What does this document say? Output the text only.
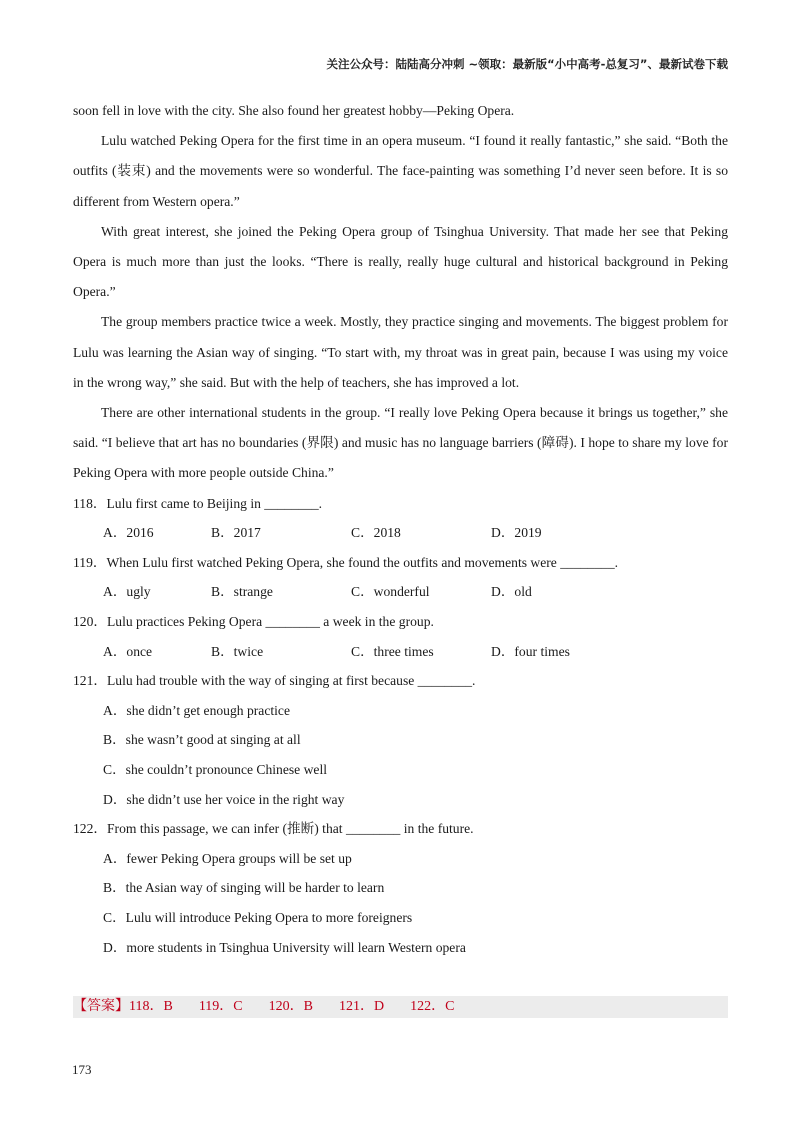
关注公众号：陆陆高分冲刺 ~领取：最新版“小中高考-总复习”、最新试卷下载

soon fell in love with the city. She also found her greatest hobby—Peking Opera.

Lulu watched Peking Opera for the first time in an opera museum. “I found it really fantastic,” she said. “Both the outfits (装束) and the movements were so wonderful. The face-painting was something I’d never seen before. It is so different from Western opera.”

With great interest, she joined the Peking Opera group of Tsinghua University. That made her see that Peking Opera is much more than just the looks. “There is really, really huge cultural and historical background in Peking Opera.”

The group members practice twice a week. Mostly, they practice singing and movements. The biggest problem for Lulu was learning the Asian way of singing. “To start with, my throat was in great pain, because I was using my voice in the wrong way,” she said. But with the help of teachers, she has improved a lot.

There are other international students in the group. “I really love Peking Opera because it brings us together,” she said. “I believe that art has no boundaries (界限) and music has no language barriers (障碍). I hope to share my love for Peking Opera with more people outside China.”

118．Lulu first came to Beijing in ________.

A．2016	B．2017	C．2018	D．2019

119．When Lulu first watched Peking Opera, she found the outfits and movements were ________.

A．ugly	B．strange	C．wonderful	D．old

120．Lulu practices Peking Opera ________ a week in the group.

A．once	B．twice	C．three times	D．four times

121．Lulu had trouble with the way of singing at first because ________.

A．she didn’t get enough practice
B．she wasn’t good at singing at all
C．she couldn’t pronounce Chinese well
D．she didn’t use her voice in the right way

122．From this passage, we can infer (推断) that ________ in the future.

A．fewer Peking Opera groups will be set up
B．the Asian way of singing will be harder to learn
C．Lulu will introduce Peking Opera to more foreigners
D．more students in Tsinghua University will learn Western opera
【答案】118．B 119．C 120．B 121．D 122．C
173
